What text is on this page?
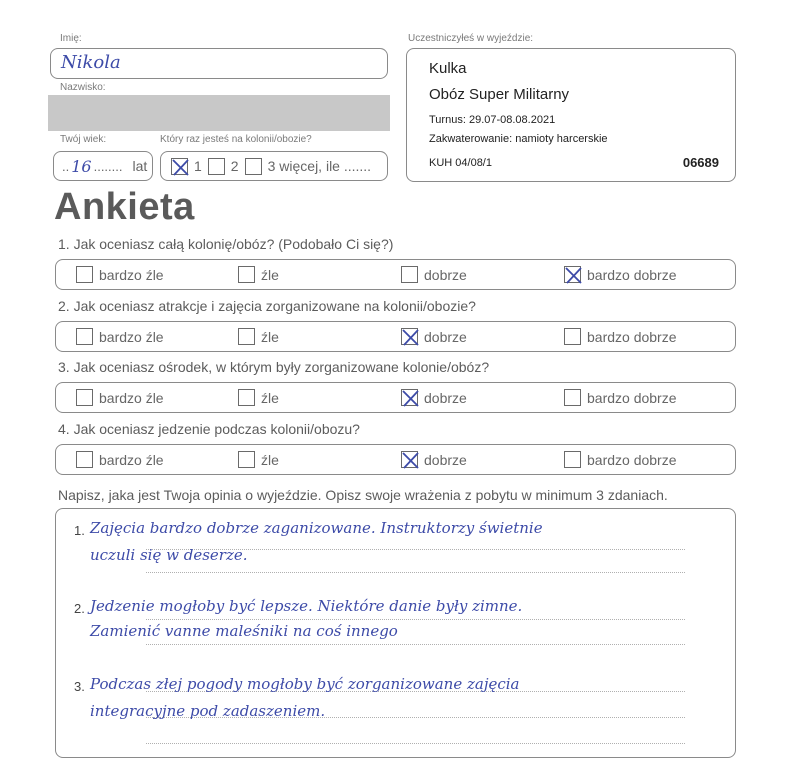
Imię:
Nikola
Nazwisko:
Twój wiek:
.. 16 ........ lat
Który raz jesteś na kolonii/obozie?
1 2 3 więcej, ile .......
Uczestniczyłeś w wyjeździe:
Kulka
Obóz Super Militarny
Turnus: 29.07-08.08.2021
Zakwaterowanie: namioty harcerskie
KUH 04/08/1	06689
Ankieta
1. Jak oceniasz całą kolonię/obóz? (Podobało Ci się?)
bardzo źle	źle	dobrze	bardzo dobrze
2. Jak oceniasz atrakcje i zajęcia zorganizowane na kolonii/obozie?
bardzo źle	źle	dobrze	bardzo dobrze
3. Jak oceniasz ośrodek, w którym były zorganizowane kolonie/obóz?
bardzo źle	źle	dobrze	bardzo dobrze
4. Jak oceniasz jedzenie podczas kolonii/obozu?
bardzo źle	źle	dobrze	bardzo dobrze
Napisz, jaka jest Twoja opinia o wyjeździe. Opisz swoje wrażenia z pobytu w minimum 3 zdaniach.
1. Zajęcia bardzo dobrze zaganizowane. Instruktorzy świetnie
uczuli się w deserze.
2. Jedzenie mogłoby być lepsze. Niektóre danie były zimne.
Zamienić vanne maleśniki na coś innego
3. Podczas złej pogody mogłoby być zorganizowane zajęcia
integracyjne pod zadaszeniem.
